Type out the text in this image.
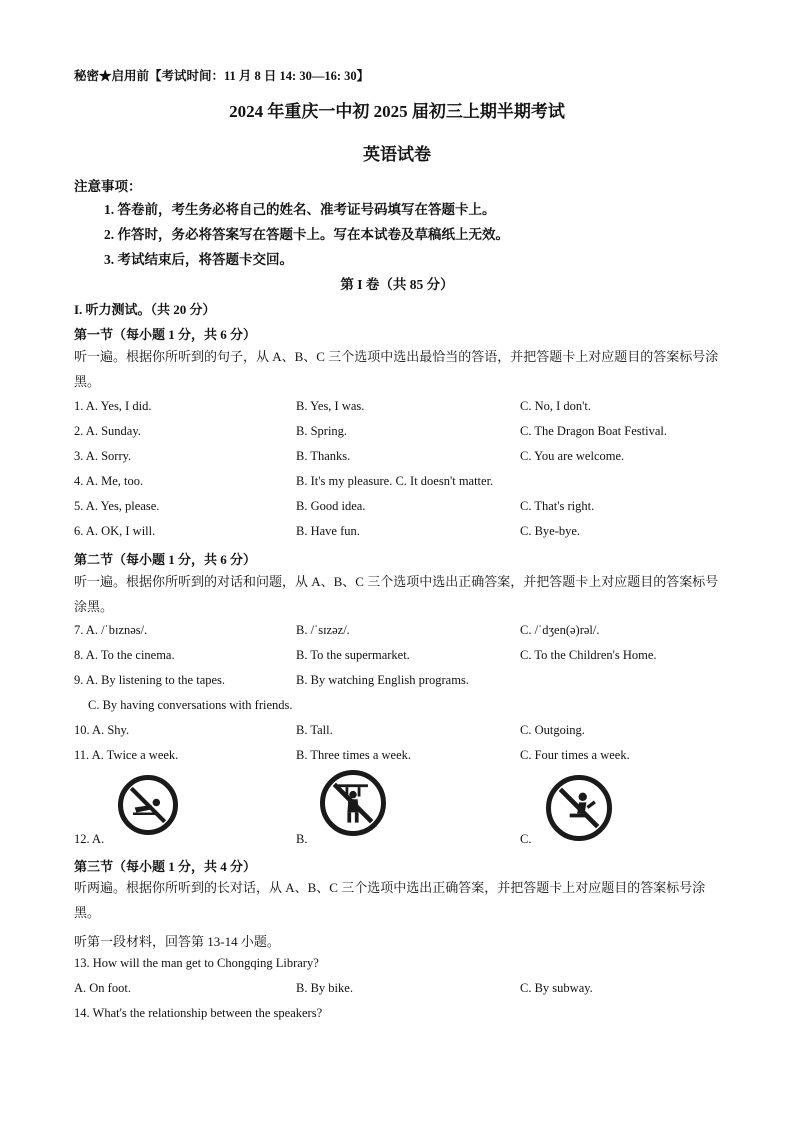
秘密★启用前【考试时间：11 月 8 日 14: 30—16: 30】
2024 年重庆一中初 2025 届初三上期半期考试
英语试卷
注意事项：
1. 答卷前，考生务必将自己的姓名、准考证号码填写在答题卡上。
2. 作答时，务必将答案写在答题卡上。写在本试卷及草稿纸上无效。
3. 考试结束后，将答题卡交回。
第 I 卷（共 85 分）
I. 听力测试。（共 20 分）
第一节（每小题 1 分，共 6 分）
听一遍。根据你所听到的句子，从 A、B、C 三个选项中选出最恰当的答语，并把答题卡上对应题目的答案标号涂黑。
1. A. Yes, I did.	B. Yes, I was.	C. No, I don't.
2. A. Sunday.	B. Spring.	C. The Dragon Boat Festival.
3. A. Sorry.	B. Thanks.	C. You are welcome.
4. A. Me, too.	B. It's my pleasure. C. It doesn't matter.
5. A. Yes, please.	B. Good idea.	C. That's right.
6. A. OK, I will.	B. Have fun.	C. Bye-bye.
第二节（每小题 1 分，共 6 分）
听一遍。根据你所听到的对话和问题，从 A、B、C 三个选项中选出正确答案，并把答题卡上对应题目的答案标号涂黑。
7. A. /ˈbɪznəs/.	B. /ˈsɪzəz/.	C. /ˈdʒen(ə)rəl/.
8. A. To the cinema.	B. To the supermarket.	C. To the Children's Home.
9. A. By listening to the tapes.	B. By watching English programs.
C. By having conversations with friends.
10. A. Shy.	B. Tall.	C. Outgoing.
11. A. Twice a week.	B. Three times a week.	C. Four times a week.
12. A.	B.	C.
第三节（每小题 1 分，共 4 分）
听两遍。根据你所听到的长对话，从 A、B、C 三个选项中选出正确答案，并把答题卡上对应题目的答案标号涂黑。
听第一段材料，回答第 13-14 小题。
13. How will the man get to Chongqing Library?
A. On foot.	B. By bike.	C. By subway.
14. What's the relationship between the speakers?
